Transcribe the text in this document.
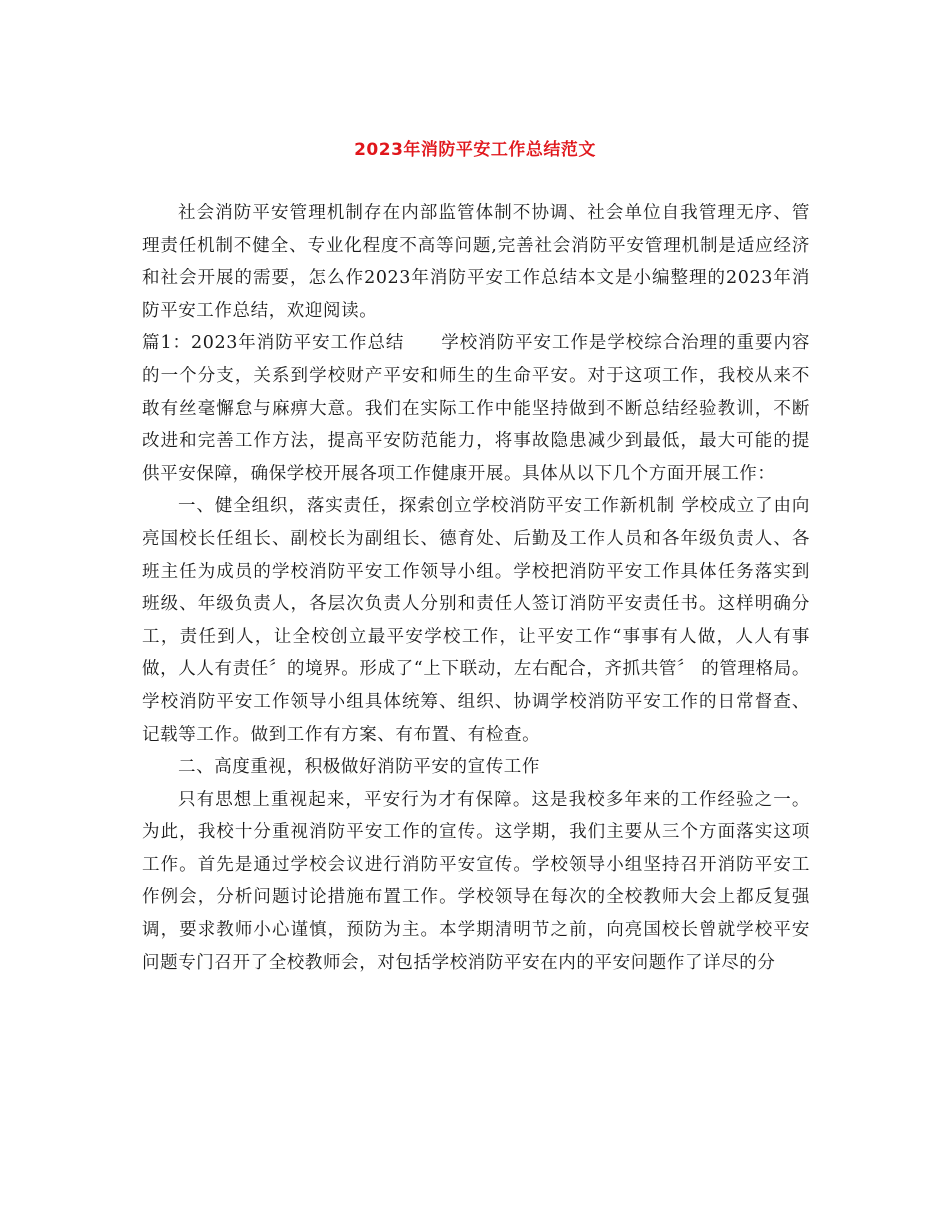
2023年消防平安工作总结范文

社会消防平安管理机制存在内部监管体制不协调、社会单位自我管理无序、管理责任机制不健全、专业化程度不高等问题,完善社会消防平安管理机制是适应经济和社会开展的需要，怎么作2023年消防平安工作总结本文是小编整理的2023年消防平安工作总结，欢迎阅读。

篇1：2023年消防平安工作总结　　学校消防平安工作是学校综合治理的重要内容的一个分支，关系到学校财产平安和师生的生命平安。对于这项工作，我校从来不敢有丝毫懈怠与麻痹大意。我们在实际工作中能坚持做到不断总结经验教训，不断改进和完善工作方法，提高平安防范能力，将事故隐患减少到最低，最大可能的提供平安保障，确保学校开展各项工作健康开展。具体从以下几个方面开展工作：

一、健全组织，落实责任，探索创立学校消防平安工作新机制 学校成立了由向亮国校长任组长、副校长为副组长、德育处、后勤及工作人员和各年级负责人、各班主任为成员的学校消防平安工作领导小组。学校把消防平安工作具体任务落实到班级、年级负责人，各层次负责人分别和责任人签订消防平安责任书。这样明确分工，责任到人，让全校创立最平安学校工作，让平安工作“事事有人做，人人有事做，人人有责任〞的境界。形成了“上下联动，左右配合，齐抓共管〞 的管理格局。学校消防平安工作领导小组具体统筹、组织、协调学校消防平安工作的日常督查、记载等工作。做到工作有方案、有布置、有检查。

二、高度重视，积极做好消防平安的宣传工作

只有思想上重视起来，平安行为才有保障。这是我校多年来的工作经验之一。为此，我校十分重视消防平安工作的宣传。这学期，我们主要从三个方面落实这项工作。首先是通过学校会议进行消防平安宣传。学校领导小组坚持召开消防平安工作例会，分析问题讨论措施布置工作。学校领导在每次的全校教师大会上都反复强调，要求教师小心谨慎，预防为主。本学期清明节之前，向亮国校长曾就学校平安问题专门召开了全校教师会，对包括学校消防平安在内的平安问题作了详尽的分
